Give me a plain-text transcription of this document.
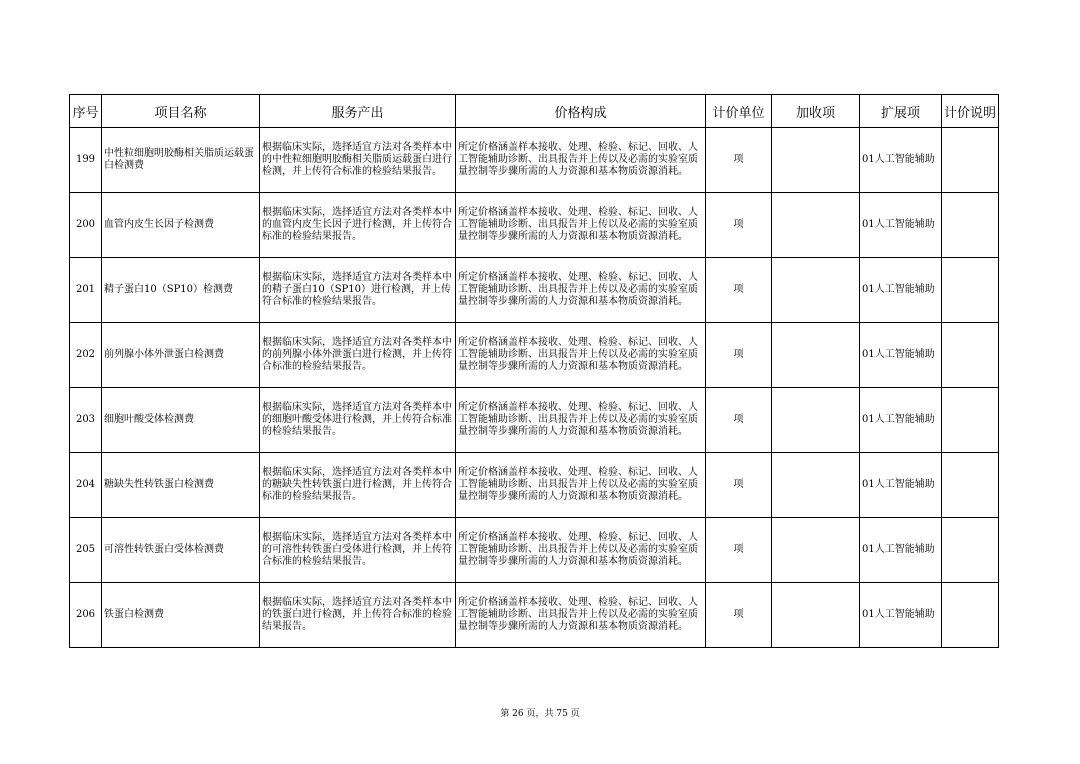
序号	项目名称	服务产出	价格构成	计价单位	加收项	扩展项	计价说明
199	中性粒细胞明胶酶相关脂质运载蛋白检测费	根据临床实际，选择适宜方法对各类样本中的中性粒细胞明胶酶相关脂质运载蛋白进行检测，并上传符合标准的检验结果报告。	所定价格涵盖样本接收、处理、检验、标记、回收、人工智能辅助诊断、出具报告并上传以及必需的实验室质量控制等步骤所需的人力资源和基本物质资源消耗。	项		01人工智能辅助	
200	血管内皮生长因子检测费	根据临床实际，选择适宜方法对各类样本中的血管内皮生长因子进行检测，并上传符合标准的检验结果报告。	所定价格涵盖样本接收、处理、检验、标记、回收、人工智能辅助诊断、出具报告并上传以及必需的实验室质量控制等步骤所需的人力资源和基本物质资源消耗。	项		01人工智能辅助	
201	精子蛋白10（SP10）检测费	根据临床实际，选择适宜方法对各类样本中的精子蛋白10（SP10）进行检测，并上传符合标准的检验结果报告。	所定价格涵盖样本接收、处理、检验、标记、回收、人工智能辅助诊断、出具报告并上传以及必需的实验室质量控制等步骤所需的人力资源和基本物质资源消耗。	项		01人工智能辅助	
202	前列腺小体外泄蛋白检测费	根据临床实际，选择适宜方法对各类样本中的前列腺小体外泄蛋白进行检测，并上传符合标准的检验结果报告。	所定价格涵盖样本接收、处理、检验、标记、回收、人工智能辅助诊断、出具报告并上传以及必需的实验室质量控制等步骤所需的人力资源和基本物质资源消耗。	项		01人工智能辅助	
203	细胞叶酸受体检测费	根据临床实际，选择适宜方法对各类样本中的细胞叶酸受体进行检测，并上传符合标准的检验结果报告。	所定价格涵盖样本接收、处理、检验、标记、回收、人工智能辅助诊断、出具报告并上传以及必需的实验室质量控制等步骤所需的人力资源和基本物质资源消耗。	项		01人工智能辅助	
204	糖缺失性转铁蛋白检测费	根据临床实际，选择适宜方法对各类样本中的糖缺失性转铁蛋白进行检测，并上传符合标准的检验结果报告。	所定价格涵盖样本接收、处理、检验、标记、回收、人工智能辅助诊断、出具报告并上传以及必需的实验室质量控制等步骤所需的人力资源和基本物质资源消耗。	项		01人工智能辅助	
205	可溶性转铁蛋白受体检测费	根据临床实际，选择适宜方法对各类样本中的可溶性转铁蛋白受体进行检测，并上传符合标准的检验结果报告。	所定价格涵盖样本接收、处理、检验、标记、回收、人工智能辅助诊断、出具报告并上传以及必需的实验室质量控制等步骤所需的人力资源和基本物质资源消耗。	项		01人工智能辅助	
206	铁蛋白检测费	根据临床实际，选择适宜方法对各类样本中的铁蛋白进行检测，并上传符合标准的检验结果报告。	所定价格涵盖样本接收、处理、检验、标记、回收、人工智能辅助诊断、出具报告并上传以及必需的实验室质量控制等步骤所需的人力资源和基本物质资源消耗。	项		01人工智能辅助	
第 26 页，共 75 页
